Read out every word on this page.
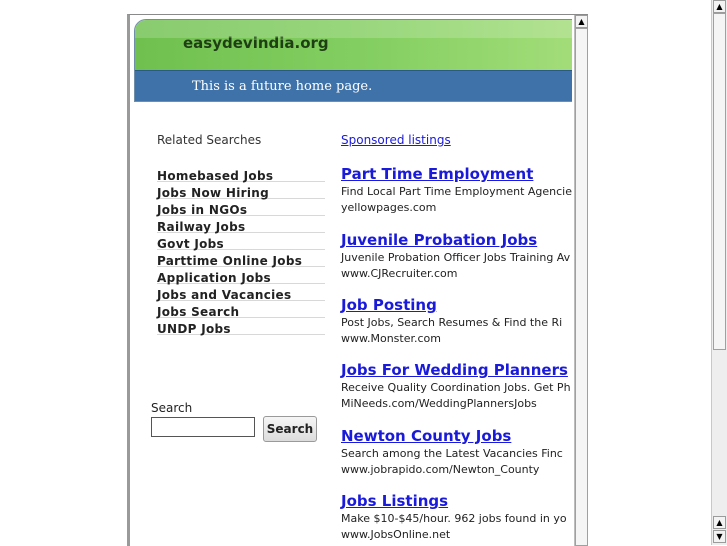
easydevindia.org
This is a future home page.
Related Searches
Homebased Jobs
Jobs Now Hiring
Jobs in NGOs
Railway Jobs
Govt Jobs
Parttime Online Jobs
Application Jobs
Jobs and Vacancies
Jobs Search
UNDP Jobs
Search
Search
Sponsored listings
Part Time Employment
Find Local Part Time Employment Agencie
yellowpages.com
Juvenile Probation Jobs
Juvenile Probation Officer Jobs Training Av
www.CJRecruiter.com
Job Posting
Post Jobs, Search Resumes & Find the Ri
www.Monster.com
Jobs For Wedding Planners
Receive Quality Coordination Jobs. Get Ph
MiNeeds.com/WeddingPlannersJobs
Newton County Jobs
Search among the Latest Vacancies Finc
www.jobrapido.com/Newton_County
Jobs Listings
Make $10-$45/hour. 962 jobs found in yo
www.JobsOnline.net
▲
▲
▲
▼
